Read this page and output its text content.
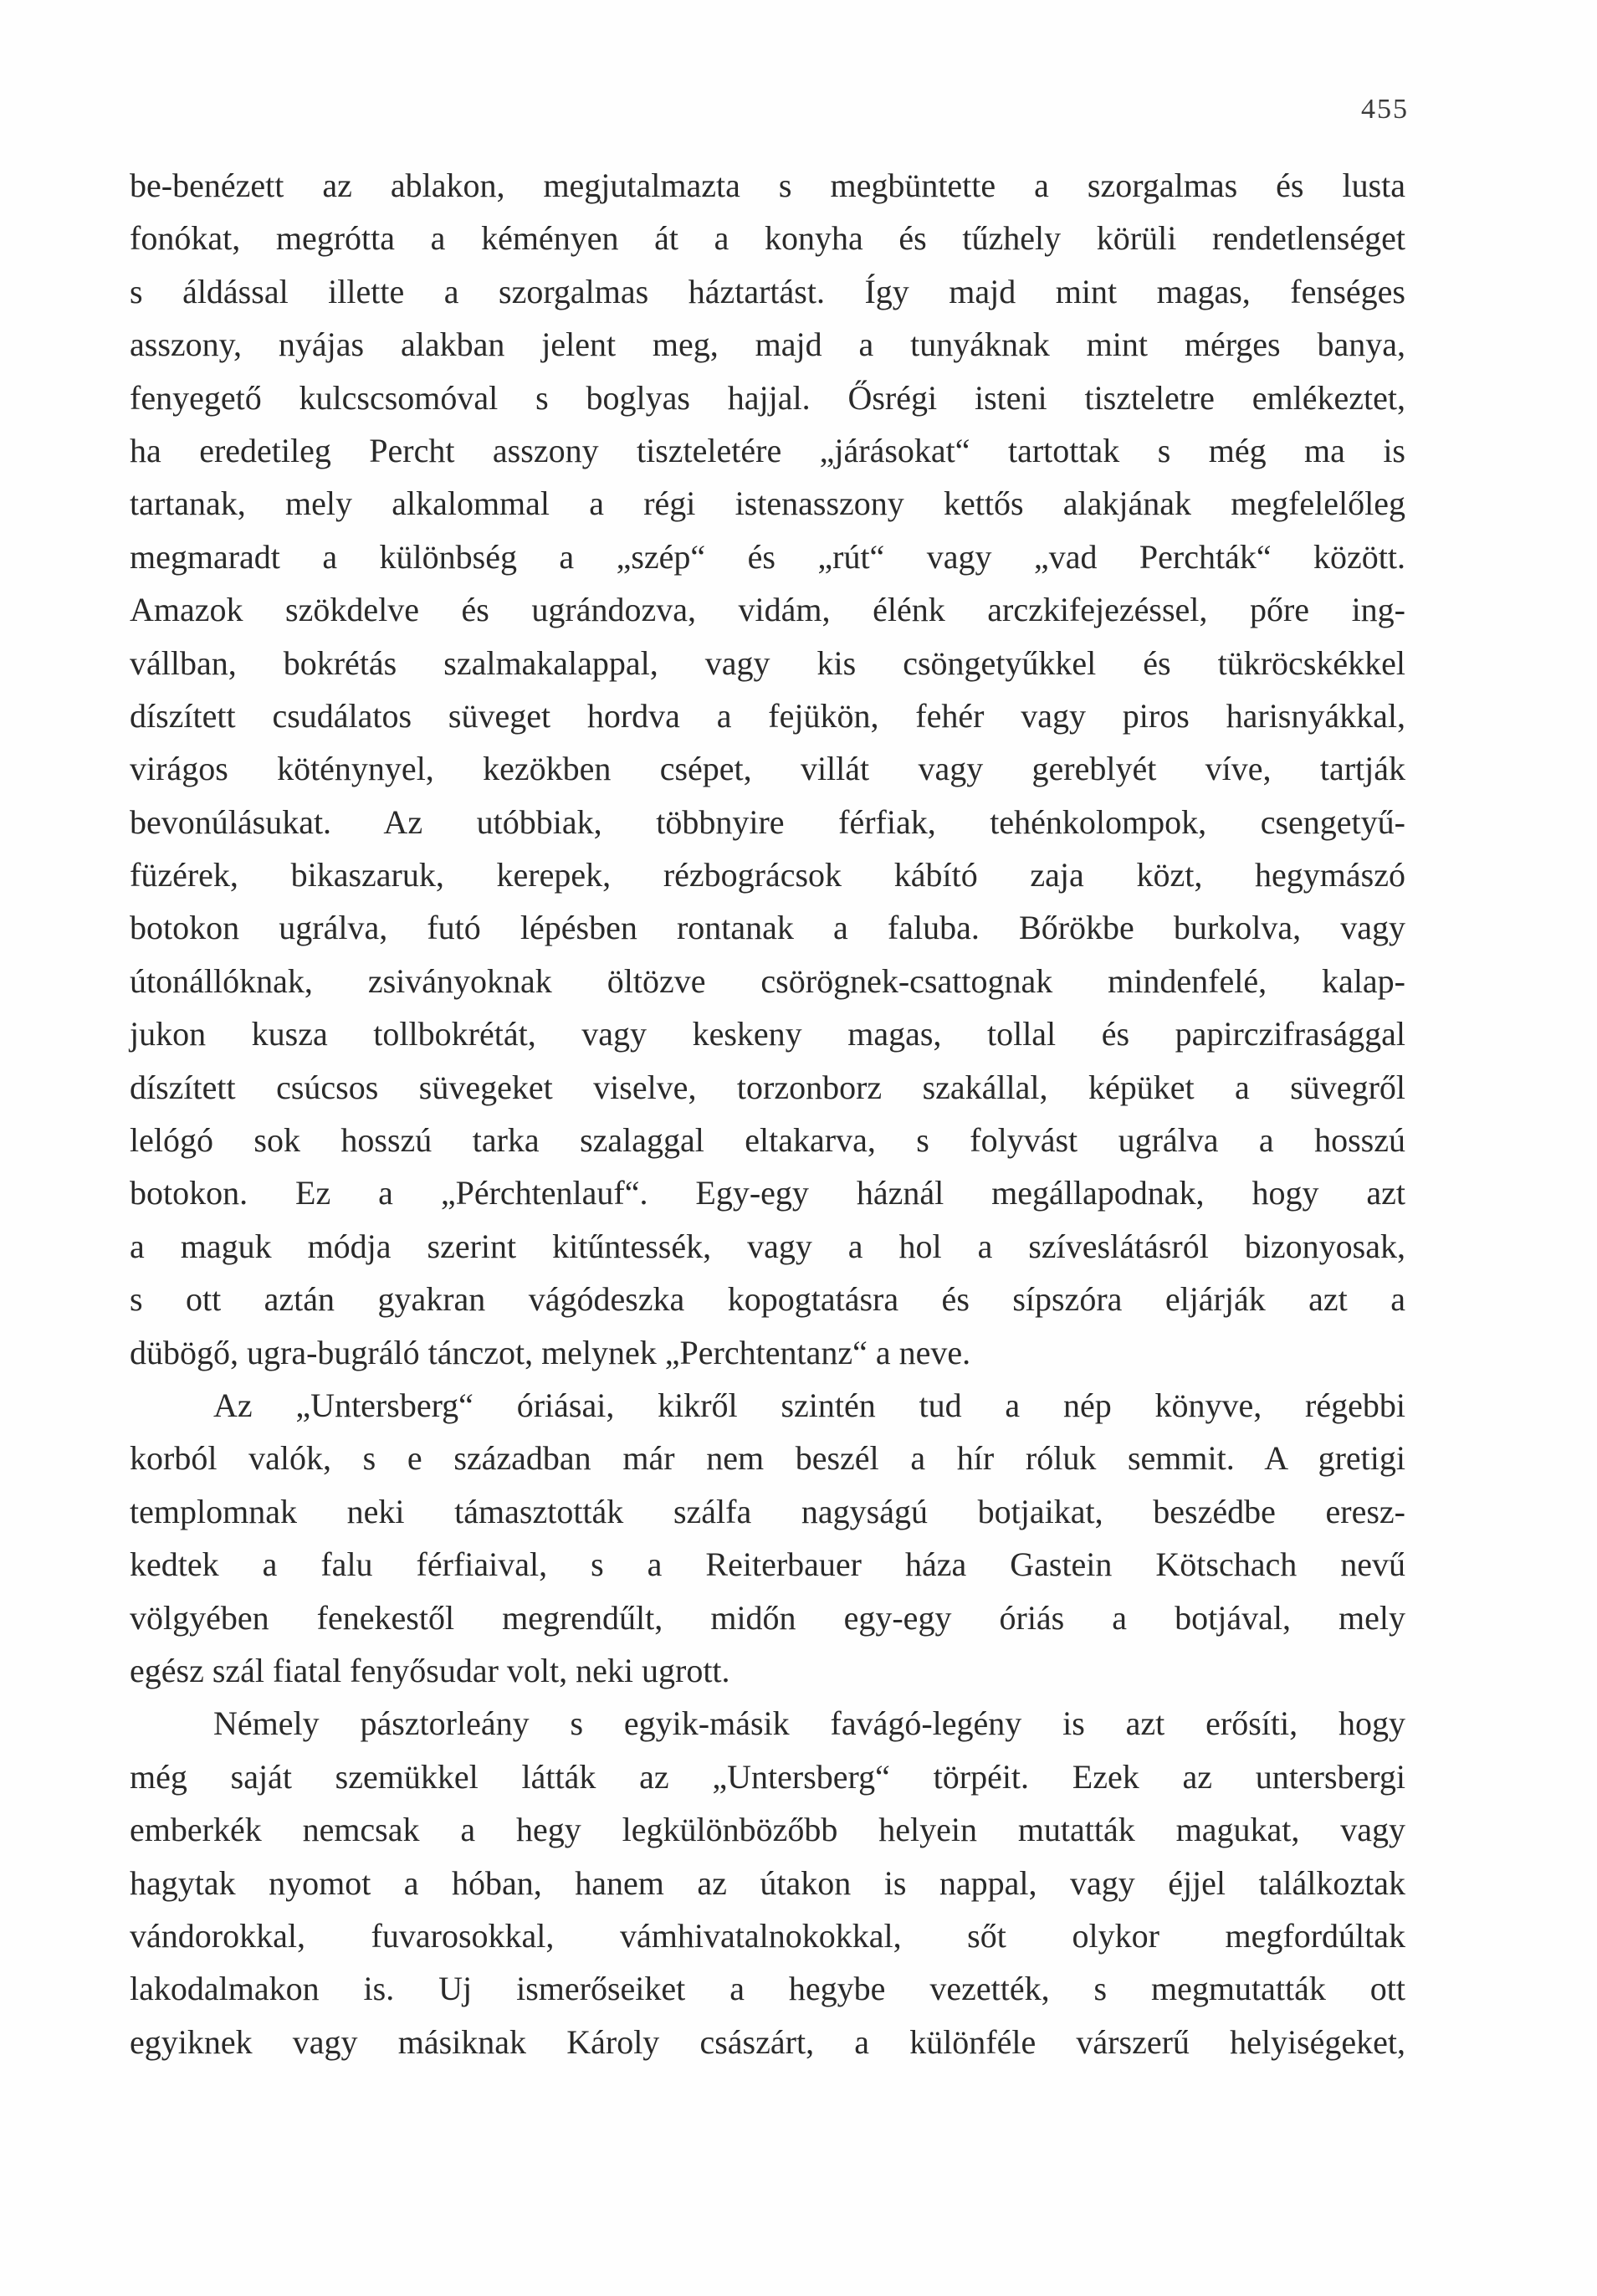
455
be-benézett az ablakon, megjutalmazta s megbüntette a szorgalmas és lusta
fonókat, megrótta a kéményen át a konyha és tűzhely körüli rendetlenséget
s áldással illette a szorgalmas háztartást. Így majd mint magas, fenséges
asszony, nyájas alakban jelent meg, majd a tunyáknak mint mérges banya,
fenyegető kulcscsomóval s boglyas hajjal. Ősrégi isteni tiszteletre emlékeztet,
ha eredetileg Percht asszony tiszteletére „járásokat“ tartottak s még ma is
tartanak, mely alkalommal a régi istenasszony kettős alakjának megfelelőleg
megmaradt a különbség a „szép“ és „rút“ vagy „vad Perchták“ között.
Amazok szökdelve és ugrándozva, vidám, élénk arczkifejezéssel, pőre ing-
vállban, bokrétás szalmakalappal, vagy kis csöngetyűkkel és tükröcskékkel
díszített csudálatos süveget hordva a fejükön, fehér vagy piros harisnyákkal,
virágos köténynyel, kezökben csépet, villát vagy gereblyét víve, tartják
bevonúlásukat. Az utóbbiak, többnyire férfiak, tehénkolompok, csengetyű-
füzérek, bikaszaruk, kerepek, rézbográcsok kábító zaja közt, hegymászó
botokon ugrálva, futó lépésben rontanak a faluba. Bőrökbe burkolva, vagy
útonállóknak, zsiványoknak öltözve csörögnek-csattognak mindenfelé, kalap-
jukon kusza tollbokrétát, vagy keskeny magas, tollal és papirczifrasággal
díszített csúcsos süvegeket viselve, torzonborz szakállal, képüket a süvegről
lelógó sok hosszú tarka szalaggal eltakarva, s folyvást ugrálva a hosszú
botokon. Ez a „Pérchtenlauf“. Egy-egy háznál megállapodnak, hogy azt
a maguk módja szerint kitűntessék, vagy a hol a szíveslátásról bizonyosak,
s ott aztán gyakran vágódeszka kopogtatásra és sípszóra eljárják azt a
dübögő, ugra-bugráló tánczot, melynek „Perchtentanz“ a neve.
Az „Untersberg“ óriásai, kikről szintén tud a nép könyve, régebbi
korból valók, s e században már nem beszél a hír róluk semmit. A gretigi
templomnak neki támasztották szálfa nagyságú botjaikat, beszédbe eresz-
kedtek a falu férfiaival, s a Reiterbauer háza Gastein Kötschach nevű
völgyében fenekestől megrendűlt, midőn egy-egy óriás a botjával, mely
egész szál fiatal fenyősudar volt, neki ugrott.
Némely pásztorleány s egyik-másik favágó-legény is azt erősíti, hogy
még saját szemükkel látták az „Untersberg“ törpéit. Ezek az untersbergi
emberkék nemcsak a hegy legkülönbözőbb helyein mutatták magukat, vagy
hagytak nyomot a hóban, hanem az útakon is nappal, vagy éjjel találkoztak
vándorokkal, fuvarosokkal, vámhivatalnokokkal, sőt olykor megfordúltak
lakodalmakon is. Uj ismerőseiket a hegybe vezették, s megmutatták ott
egyiknek vagy másiknak Károly császárt, a különféle várszerű helyiségeket,
